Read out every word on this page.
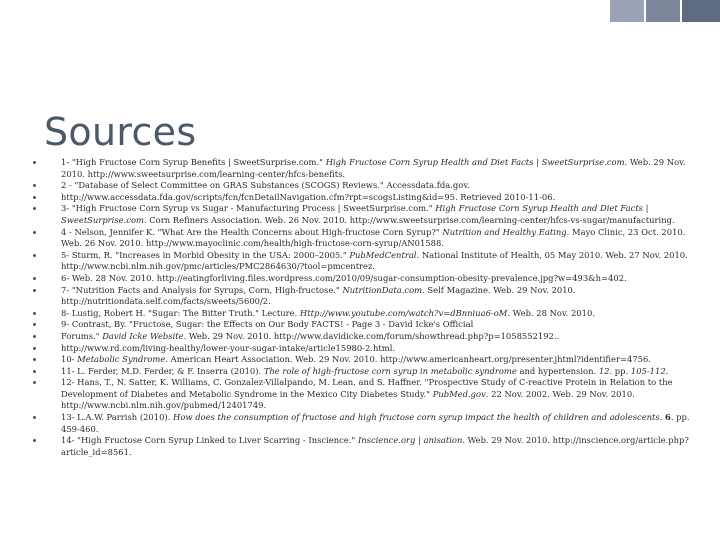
Sources
1- "High Fructose Corn Syrup Benefits | SweetSurprise.com." High Fructose Corn Syrup Health and Diet Facts | SweetSurprise.com. Web. 29 Nov. 2010. http://www.sweetsurprise.com/learning-center/hfcs-benefits.
2 - "Database of Select Committee on GRAS Substances (SCOGS) Reviews." Accessdata.fda.gov.
http://www.accessdata.fda.gov/scripts/fcn/fcnDetailNavigation.cfm?rpt=scogsListing&id=95. Retrieved 2010-11-06.
3- "High Fructose Corn Syrup vs Sugar - Manufacturing Process | SweetSurprise.com." High Fructose Corn Syrup Health and Diet Facts | SweetSurprise.com. Corn Refiners Association. Web. 26 Nov. 2010. http://www.sweetsurprise.com/learning-center/hfcs-vs-sugar/manufacturing.
4 - Nelson, Jennifer K. "What Are the Health Concerns about High-fructose Corn Syrup?" Nutrition and Healthy Eating. Mayo Clinic, 23 Oct. 2010. Web. 26 Nov. 2010. http://www.mayoclinic.com/health/high-fructose-corn-syrup/AN01588.
5- Sturm, R. "Increases in Morbid Obesity in the USA: 2000–2005." PubMedCentral. National Institute of Health, 05 May 2010. Web. 27 Nov. 2010. http://www.ncbi.nlm.nih.gov/pmc/articles/PMC2864630/?tool=pmcentrez.
6- Web. 28 Nov. 2010. http://eatingforliving.files.wordpress.com/2010/09/sugar-consumption-obesity-prevalence.jpg?w=493&h=402.
7- "Nutrition Facts and Analysis for Syrups, Corn, High-fructose." NutritionData.com. Self Magazine. Web. 29 Nov. 2010. http://nutritiondata.self.com/facts/sweets/5600/2.
8- Lustig, Robert H. "Sugar: The Bitter Truth." Lecture. Http://www.youtube.com/watch?v=dBnniua6-oM. Web. 28 Nov. 2010.
9- Contrast, By. "Fructose, Sugar: the Effects on Our Body FACTS! - Page 3 - David Icke's Official
Forums." David Icke Website. Web. 29 Nov. 2010. http://www.davidicke.com/forum/showthread.php?p=1058552192..
http://www.rd.com/living-healthy/lower-your-sugar-intake/article15980-2.html.
10- Metabolic Syndrome. American Heart Association. Web. 29 Nov. 2010. http://www.americanheart.org/presenter.jhtml?identifier=4756.
11- L. Ferder, M.D. Ferder, & F. Inserra (2010). The role of high-fructose corn syrup in metabolic syndrome and hypertension. 12. pp. 105-112.
12- Hans, T., N. Satter, K. Williams, C. Gonzalez-Villalpando, M. Lean, and S. Haffner. "Prospective Study of C-reactive Protein in Relation to the Development of Diabetes and Metabolic Syndrome in the Mexico City Diabetes Study." PubMed.gov. 22 Nov. 2002. Web. 29 Nov. 2010. http://www.ncbi.nlm.nih.gov/pubmed/12401749.
13- L.A.W. Parrish (2010). How does the consumption of fructose and high fructose corn syrup impact the health of children and adolescents. 6. pp. 459-460.
14- "High Fructose Corn Syrup Linked to Liver Scarring - Inscience." Inscience.org | anisation. Web. 29 Nov. 2010. http://inscience.org/article.php?article_id=8561.
